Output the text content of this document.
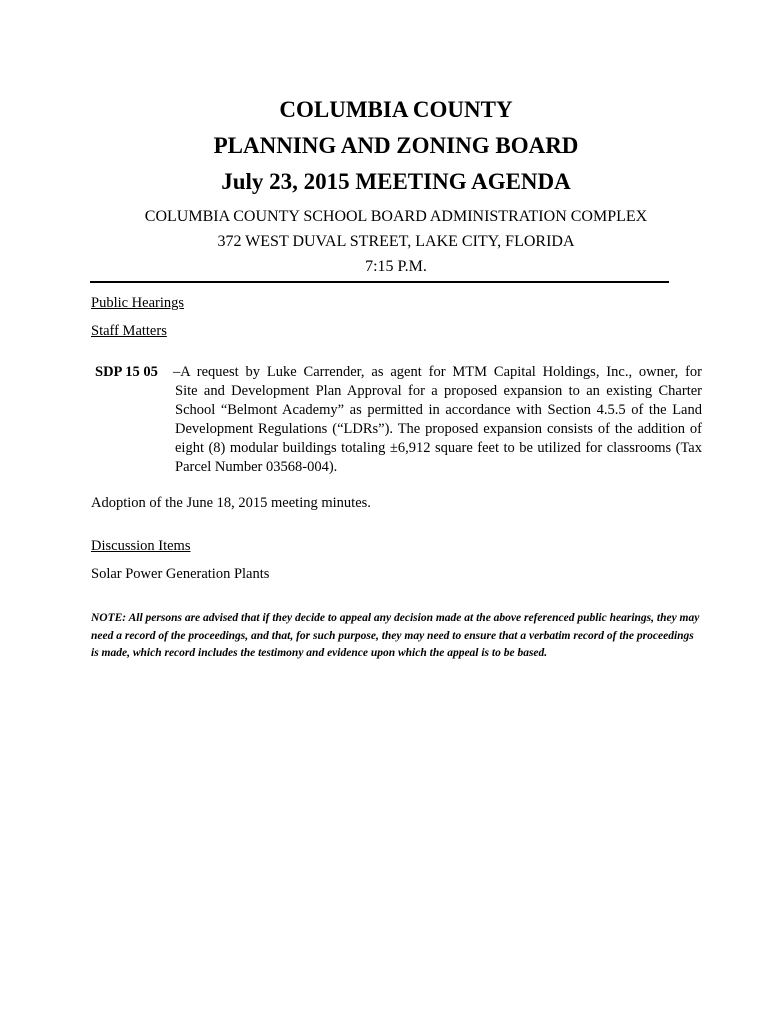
COLUMBIA COUNTY

PLANNING AND ZONING BOARD

July 23, 2015 MEETING AGENDA

COLUMBIA COUNTY SCHOOL BOARD ADMINISTRATION COMPLEX

372 WEST DUVAL STREET, LAKE CITY, FLORIDA

7:15 P.M.

Public Hearings
Staff Matters
SDP 15 05	–A request by Luke Carrender, as agent for MTM Capital Holdings, Inc., owner, for
Site and Development Plan Approval for a proposed expansion to an existing Charter School “Belmont Academy” as permitted in accordance with Section 4.5.5 of the Land Development Regulations (“LDRs”). The proposed expansion consists of the addition of eight (8) modular buildings totaling ±6,912 square feet to be utilized for classrooms (Tax Parcel Number 03568-004).
Adoption of the June 18, 2015 meeting minutes.
Discussion Items
Solar Power Generation Plants
NOTE: All persons are advised that if they decide to appeal any decision made at the above referenced public hearings, they may need a record of the proceedings, and that, for such purpose, they may need to ensure that a verbatim record of the proceedings is made, which record includes the testimony and evidence upon which the appeal is to be based.
